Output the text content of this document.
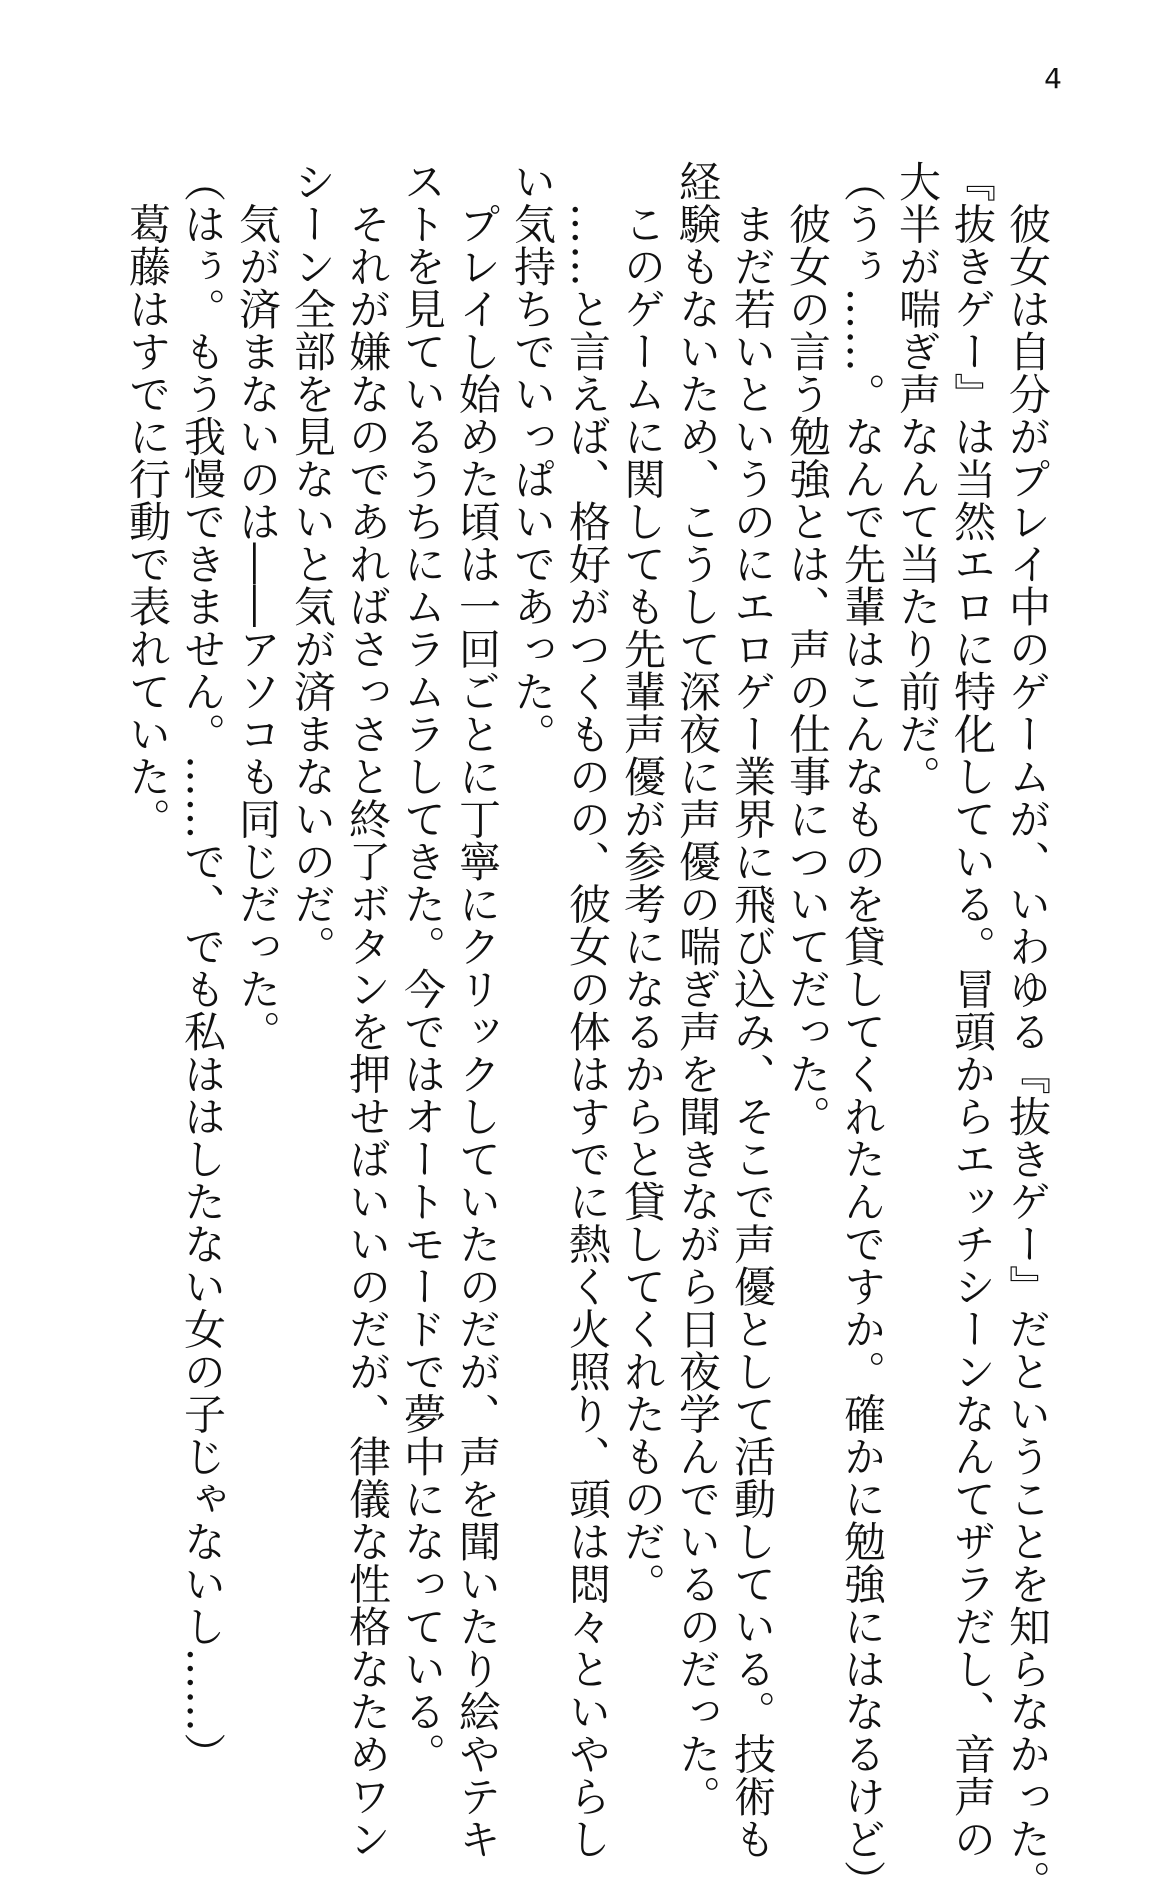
4

　彼女は自分がプレイ中のゲームが、いわゆる『抜きゲー』だということを知らなかった。

『抜きゲー』は当然エロに特化している。冒頭からエッチシーンなんてザラだし、音声の

大半が喘ぎ声なんて当たり前だ。

（うぅ……。なんで先輩はこんなものを貸してくれたんですか。確かに勉強にはなるけど）

　彼女の言う勉強とは、声の仕事についてだった。

　まだ若いというのにエロゲー業界に飛び込み、そこで声優として活動している。技術も

経験もないため、こうして深夜に声優の喘ぎ声を聞きながら日夜学んでいるのだった。

　このゲームに関しても先輩声優が参考になるからと貸してくれたものだ。

　……と言えば、格好がつくものの、彼女の体はすでに熱く火照り、頭は悶々といやらし

い気持ちでいっぱいであった。

　プレイし始めた頃は一回ごとに丁寧にクリックしていたのだが、声を聞いたり絵やテキ

ストを見ているうちにムラムラしてきた。今ではオートモードで夢中になっている。

　それが嫌なのであればさっさと終了ボタンを押せばいいのだが、律儀な性格なためワン

シーン全部を見ないと気が済まないのだ。

　気が済まないのは――アソコも同じだった。

（はぅ。もう我慢できません。……で、でも私ははしたない女の子じゃないし……）

　葛藤はすでに行動で表れていた。
